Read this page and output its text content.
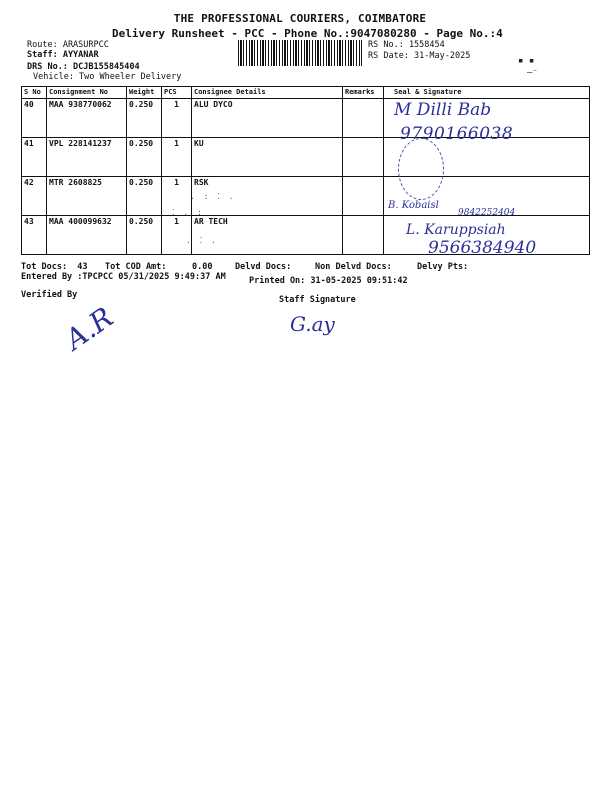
THE PROFESSIONAL COURIERS, COIMBATORE
Delivery Runsheet - PCC - Phone No.:9047080280 - Page No.:4
Route: ARASURPCC
Staff: AYYANAR
DRS No.: DCJB155845404
Vehicle: Two Wheeler Delivery
RS No.: 1558454
RS Date: 31-May-2025	▪ ▪
–⁻
S No	Consignment No	Weight	PCS	Consignee Details	Remarks	Seal & Signature
40	MAA 938770062	0.250	1	ALU DYCO		
41	VPL 228141237	0.250	1	KU		
42	MTR 2608825	0.250	1	RSK		
43	MAA 400099632	0.250	1	AR TECH		
M Dilli Bab
9790166038
. : ⁚ .
⁚ . :
. ⁚ .
B. Kobaisl
9842252404
L. Karuppsiah
9566384940
Tot Docs:  43 Tot COD Amt:     0.00	Delvd Docs:	Non Delvd Docs:	Delvy Pts:
Entered By :TPCPCC 05/31/2025 9:49:37 AM	Printed On: 31-05-2025 09:51:42
Verified By	Staff Signature
A.R	G.ay
